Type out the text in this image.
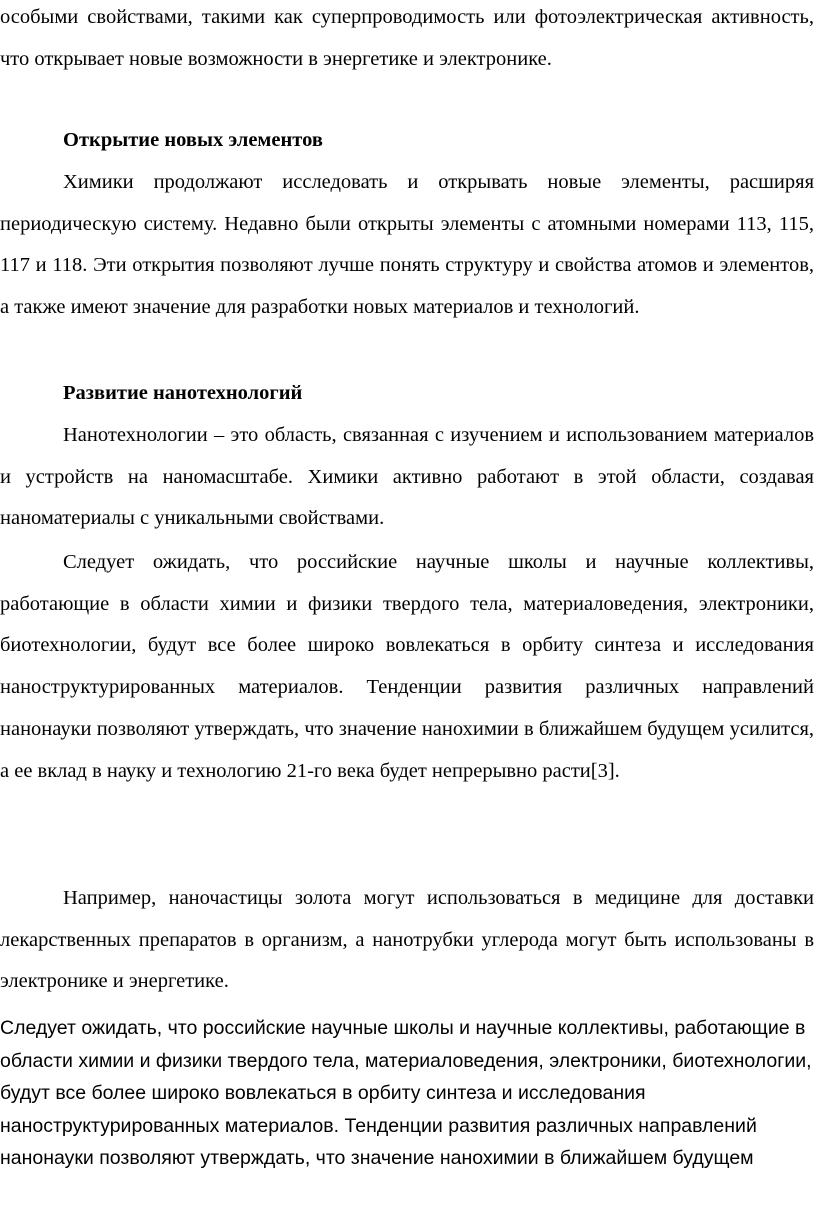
особыми свойствами, такими как суперпроводимость или фотоэлектрическая активность, что открывает новые возможности в энергетике и электронике.

Открытие новых элементов

Химики продолжают исследовать и открывать новые элементы, расширяя периодическую систему. Недавно были открыты элементы с атомными номерами 113, 115, 117 и 118. Эти открытия позволяют лучше понять структуру и свойства атомов и элементов, а также имеют значение для разработки новых материалов и технологий.

Развитие нанотехнологий

Нанотехнологии – это область, связанная с изучением и использованием материалов и устройств на наномасштабе. Химики активно работают в этой области, создавая наноматериалы с уникальными свойствами.

Следует ожидать, что российские научные школы и научные коллективы, работающие в области химии и физики твердого тела, материаловедения, электроники, биотехнологии, будут все более широко вовлекаться в орбиту синтеза и исследования наноструктурированных материалов. Тенденции развития различных направлений нанонауки позволяют утверждать, что значение нанохимии в ближайшем будущем усилится, а ее вклад в науку и технологию 21-го века будет непрерывно расти[3].

Например, наночастицы золота могут использоваться в медицине для доставки лекарственных препаратов в организм, а нанотрубки углерода могут быть использованы в электронике и энергетике.

Следует ожидать, что российские научные школы и научные коллективы, работающие в области химии и физики твердого тела, материаловедения, электроники, биотехнологии, будут все более широко вовлекаться в орбиту синтеза и исследования наноструктурированных материалов. Тенденции развития различных направлений нанонауки позволяют утверждать, что значение нанохимии в ближайшем будущем
